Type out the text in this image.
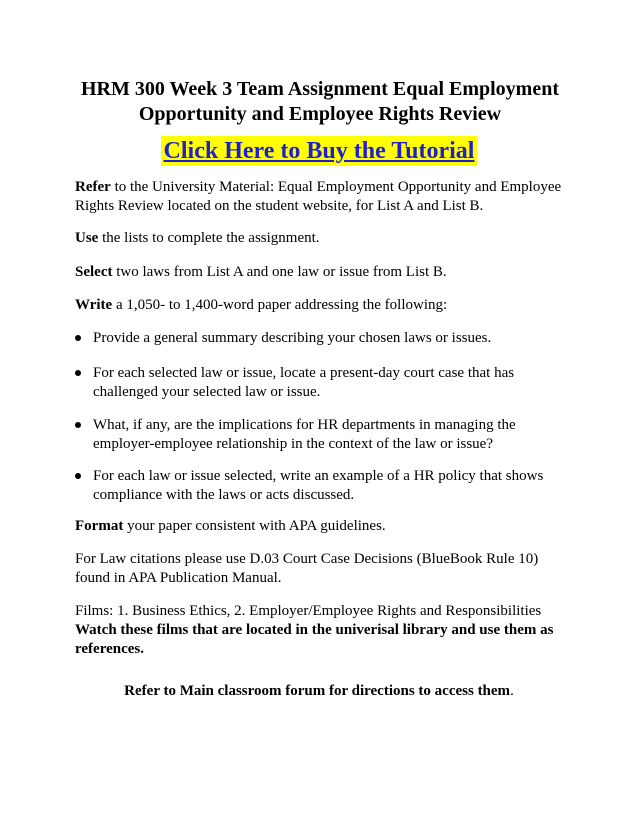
HRM 300 Week 3 Team Assignment Equal Employment
Opportunity and Employee Rights Review
Click Here to Buy the Tutorial

Refer to the University Material: Equal Employment Opportunity and Employee Rights Review located on the student website, for List A and List B.

Use the lists to complete the assignment.

Select two laws from List A and one law or issue from List B.

Write a 1,050- to 1,400-word paper addressing the following:

Provide a general summary describing your chosen laws or issues.

For each selected law or issue, locate a present-day court case that has challenged your selected law or issue.

What, if any, are the implications for HR departments in managing the employer-employee relationship in the context of the law or issue?

For each law or issue selected, write an example of a HR policy that shows compliance with the laws or acts discussed.

Format your paper consistent with APA guidelines.

For Law citations please use D.03 Court Case Decisions (BlueBook Rule 10) found in APA Publication Manual.

Films: 1. Business Ethics, 2. Employer/Employee Rights and Responsibilities

Watch these films that are located in the univerisal library and use them as references.

Refer to Main classroom forum for directions to access them.
